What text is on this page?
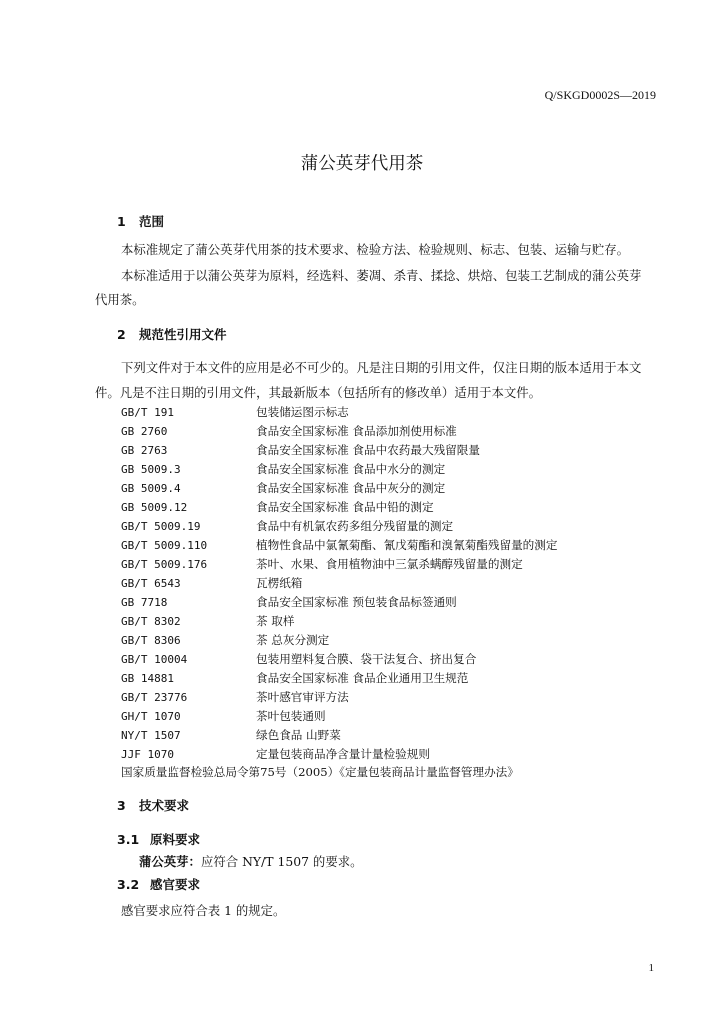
Q/SKGD0002S—2019
蒲公英芽代用茶
1 范围
本标准规定了蒲公英芽代用茶的技术要求、检验方法、检验规则、标志、包装、运输与贮存。
本标准适用于以蒲公英芽为原料，经选料、萎凋、杀青、揉捻、烘焙、包装工艺制成的蒲公英芽
代用茶。
2 规范性引用文件
下列文件对于本文件的应用是必不可少的。凡是注日期的引用文件，仅注日期的版本适用于本文
件。凡是不注日期的引用文件，其最新版本（包括所有的修改单）适用于本文件。
GB/T 191	包装储运图示标志
GB 2760	食品安全国家标准 食品添加剂使用标准
GB 2763	食品安全国家标准 食品中农药最大残留限量
GB 5009.3	食品安全国家标准 食品中水分的测定
GB 5009.4	食品安全国家标准 食品中灰分的测定
GB 5009.12	食品安全国家标准 食品中铅的测定
GB/T 5009.19	食品中有机氯农药多组分残留量的测定
GB/T 5009.110	植物性食品中氯氰菊酯、氰戊菊酯和溴氰菊酯残留量的测定
GB/T 5009.176	茶叶、水果、食用植物油中三氯杀螨醇残留量的测定
GB/T 6543	瓦楞纸箱
GB 7718	食品安全国家标准 预包装食品标签通则
GB/T 8302	茶 取样
GB/T 8306	茶 总灰分测定
GB/T 10004	包装用塑料复合膜、袋干法复合、挤出复合
GB 14881	食品安全国家标准 食品企业通用卫生规范
GB/T 23776	茶叶感官审评方法
GH/T 1070	茶叶包装通则
NY/T 1507	绿色食品 山野菜
JJF 1070	定量包装商品净含量计量检验规则
国家质量监督检验总局令第75号（2005）《定量包装商品计量监督管理办法》
3 技术要求
3.1 原料要求
蒲公英芽：应符合 NY/T 1507 的要求。
3.2 感官要求
感官要求应符合表 1 的规定。
1
